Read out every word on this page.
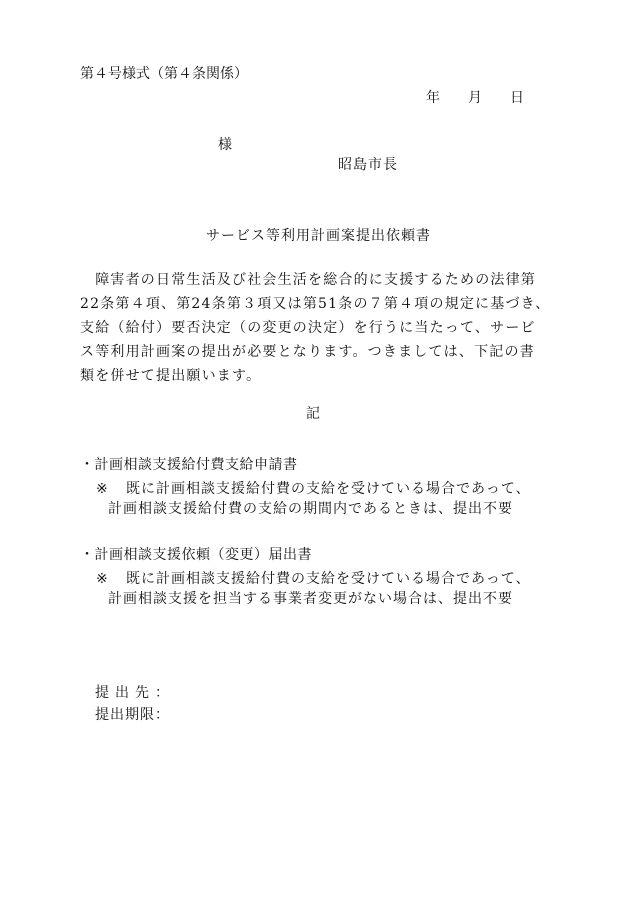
第４号様式（第４条関係）
年 月 日
様
昭島市長
サービス等利用計画案提出依頼書
　障害者の日常生活及び社会生活を総合的に支援するための法律第
22条第４項、第24条第３項又は第51条の７第４項の規定に基づき、
支給（給付）要否決定（の変更の決定）を行うに当たって、サービ
ス等利用計画案の提出が必要となります。つきましては、下記の書
類を併せて提出願います。
記
・計画相談支援給付費支給申請書
※ 既に計画相談支援給付費の支給を受けている場合であって、
計画相談支援給付費の支給の期間内であるときは、提出不要
・計画相談支援依頼（変更）届出書
※ 既に計画相談支援給付費の支給を受けている場合であって、
計画相談支援を担当する事業者変更がない場合は、提出不要
提出先：
提出期限：
